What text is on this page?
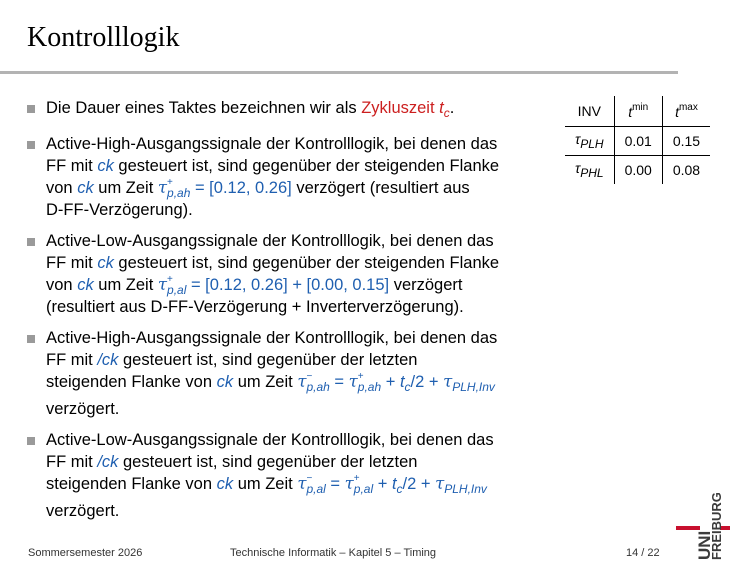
Kontrolllogik
Die Dauer eines Taktes bezeichnen wir als Zykluszeit $t_c$.
Active-High-Ausgangssignale der Kontrolllogik, bei denen das
FF mit ck gesteuert ist, sind gegenüber der steigenden Flanke
von ck um Zeit τ +
p,ah = [0.12, 0.26] verzögert (resultiert aus
D-FF-Verzögerung).
Active-Low-Ausgangssignale der Kontrolllogik, bei denen das
FF mit ck gesteuert ist, sind gegenüber der steigenden Flanke
von ck um Zeit τ +
p,al = [0.12, 0.26] + [0.00, 0.15] verzögert
(resultiert aus D-FF-Verzögerung + Inverterverzögerung).
Active-High-Ausgangssignale der Kontrolllogik, bei denen das
FF mit /ck gesteuert ist, sind gegenüber der letzten
steigenden Flanke von ck um Zeit τ −
p,ah = τ +
$p,ah + t_c/2 + \tau_{PLH,Inv}$
verzögert.
Active-Low-Ausgangssignale der Kontrolllogik, bei denen das
FF mit /ck gesteuert ist, sind gegenüber der letzten
steigenden Flanke von ck um Zeit τ −
p,al = τ +
$p,al + t_c/2 + \tau_{PLH,Inv}$
verzögert.
INV	$t^{min}$	$t^{max}$
τPLH	0.01	0.15
τPHL	0.00	0.08
Sommersemester 2026	Technische Informatik – Kapitel 5 – Timing	14 / 22 UNI
FREIBURG
